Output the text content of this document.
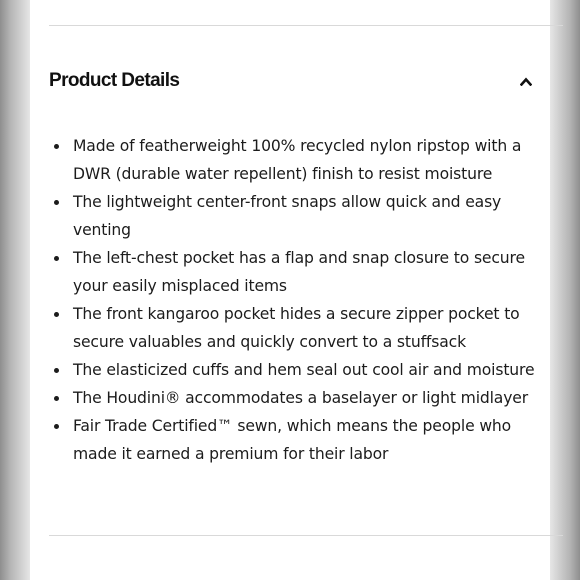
Product Details
Made of featherweight 100% recycled nylon ripstop with a DWR (durable water repellent) finish to resist moisture
The lightweight center-front snaps allow quick and easy venting
The left-chest pocket has a flap and snap closure to secure your easily misplaced items
The front kangaroo pocket hides a secure zipper pocket to secure valuables and quickly convert to a stuffsack
The elasticized cuffs and hem seal out cool air and moisture
The Houdini® accommodates a baselayer or light midlayer
Fair Trade Certified™ sewn, which means the people who made it earned a premium for their labor
